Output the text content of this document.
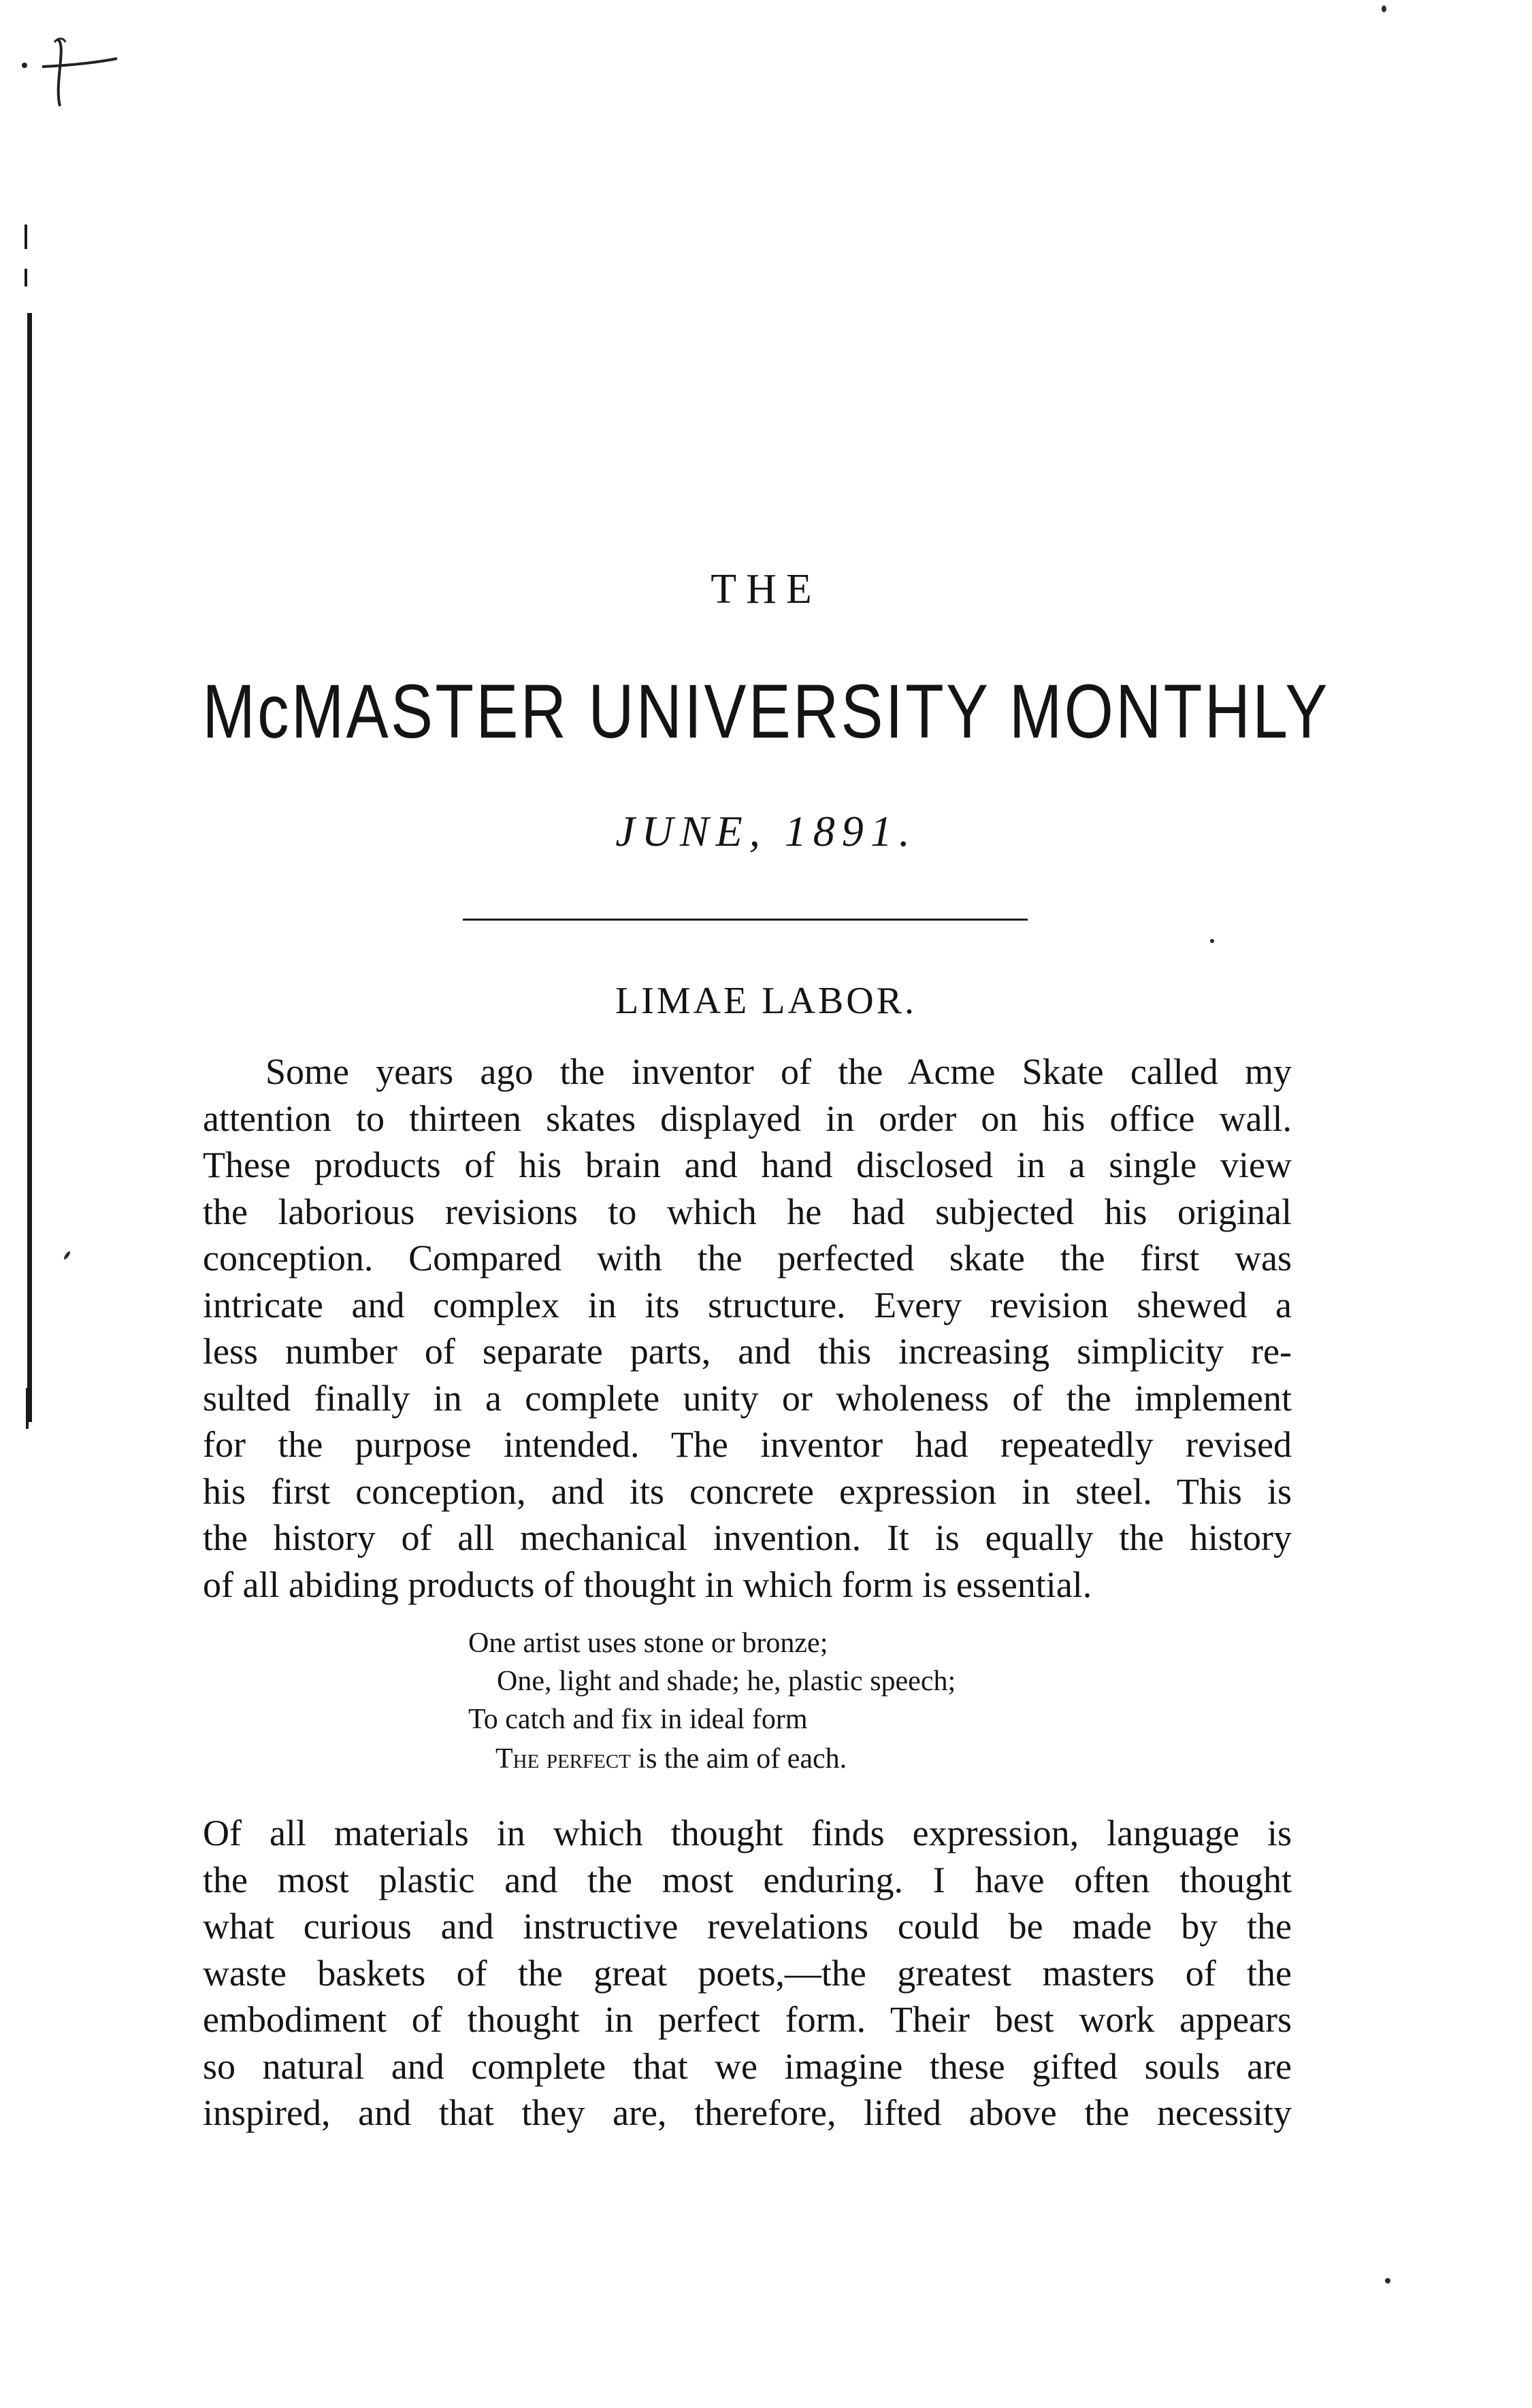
THE
McMASTER UNIVERSITY MONTHLY
JUNE, 1891.
LIMAE LABOR.

Some years ago the inventor of the Acme Skate called my
attention to thirteen skates displayed in order on his office wall.
These products of his brain and hand disclosed in a single view
the laborious revisions to which he had subjected his original
conception. Compared with the perfected skate the first was
intricate and complex in its structure. Every revision shewed a
less number of separate parts, and this increasing simplicity re-
sulted finally in a complete unity or wholeness of the implement
for the purpose intended. The inventor had repeatedly revised
his first conception, and its concrete expression in steel. This is
the history of all mechanical invention. It is equally the history
of all abiding products of thought in which form is essential.

One artist uses stone or bronze;
One, light and shade; he, plastic speech;
To catch and fix in ideal form
The perfect is the aim of each.

Of all materials in which thought finds expression, language is
the most plastic and the most enduring. I have often thought
what curious and instructive revelations could be made by the
waste baskets of the great poets,—the greatest masters of the
embodiment of thought in perfect form. Their best work appears
so natural and complete that we imagine these gifted souls are
inspired, and that they are, therefore, lifted above the necessity
